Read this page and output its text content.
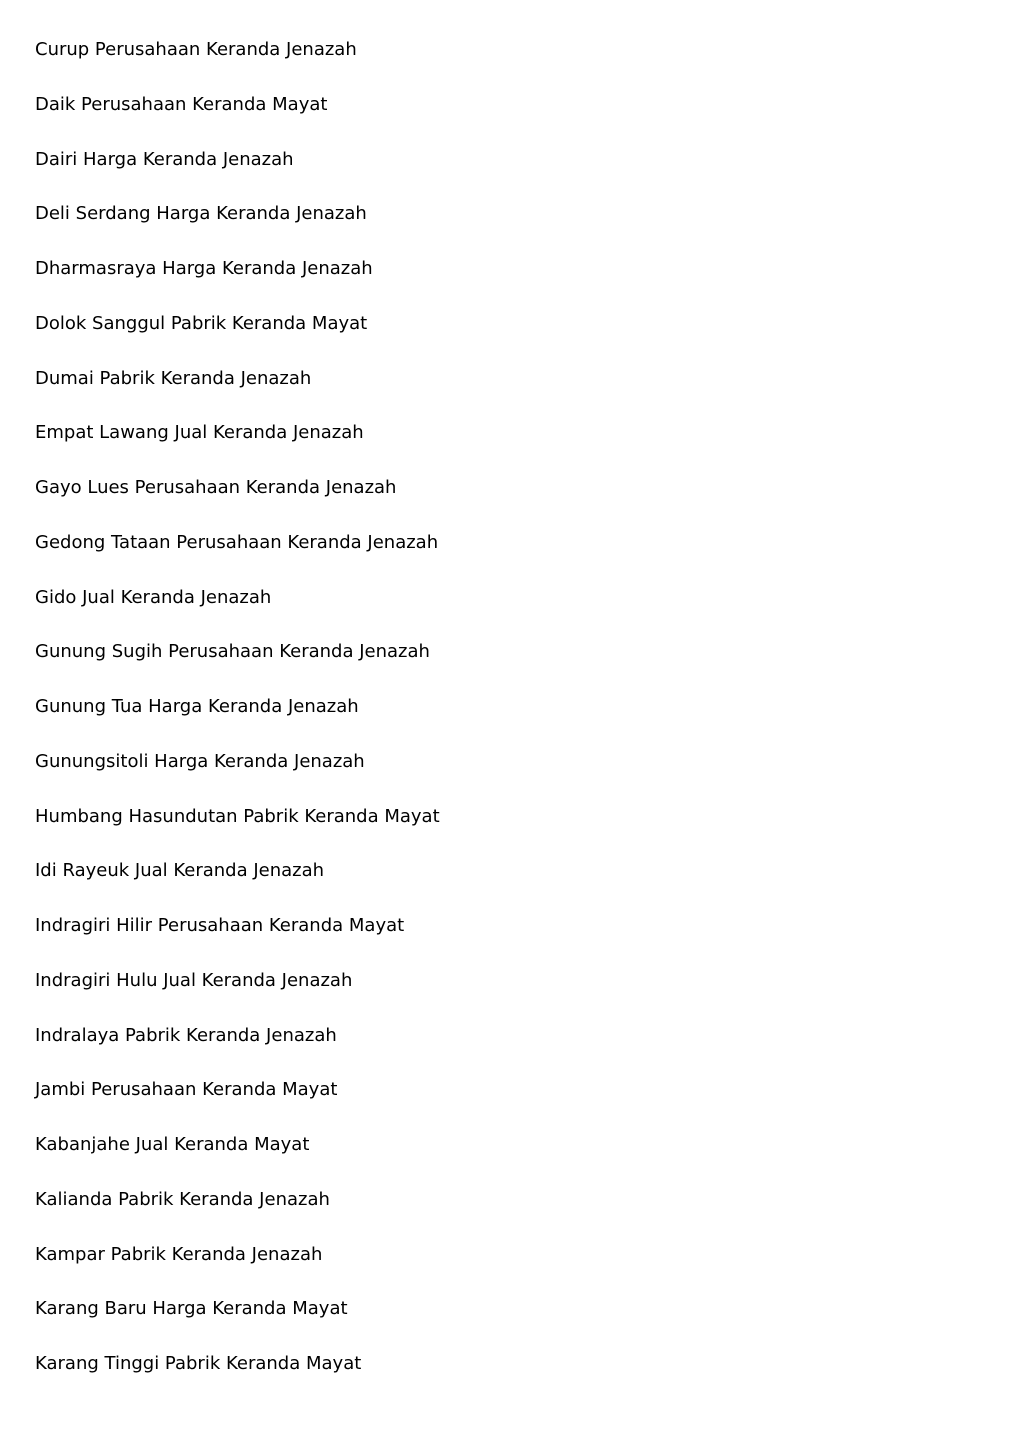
Curup Perusahaan Keranda Jenazah
Daik Perusahaan Keranda Mayat
Dairi Harga Keranda Jenazah
Deli Serdang Harga Keranda Jenazah
Dharmasraya Harga Keranda Jenazah
Dolok Sanggul Pabrik Keranda Mayat
Dumai Pabrik Keranda Jenazah
Empat Lawang Jual Keranda Jenazah
Gayo Lues Perusahaan Keranda Jenazah
Gedong Tataan Perusahaan Keranda Jenazah
Gido Jual Keranda Jenazah
Gunung Sugih Perusahaan Keranda Jenazah
Gunung Tua Harga Keranda Jenazah
Gunungsitoli Harga Keranda Jenazah
Humbang Hasundutan Pabrik Keranda Mayat
Idi Rayeuk Jual Keranda Jenazah
Indragiri Hilir Perusahaan Keranda Mayat
Indragiri Hulu Jual Keranda Jenazah
Indralaya Pabrik Keranda Jenazah
Jambi Perusahaan Keranda Mayat
Kabanjahe Jual Keranda Mayat
Kalianda Pabrik Keranda Jenazah
Kampar Pabrik Keranda Jenazah
Karang Baru Harga Keranda Mayat
Karang Tinggi Pabrik Keranda Mayat
